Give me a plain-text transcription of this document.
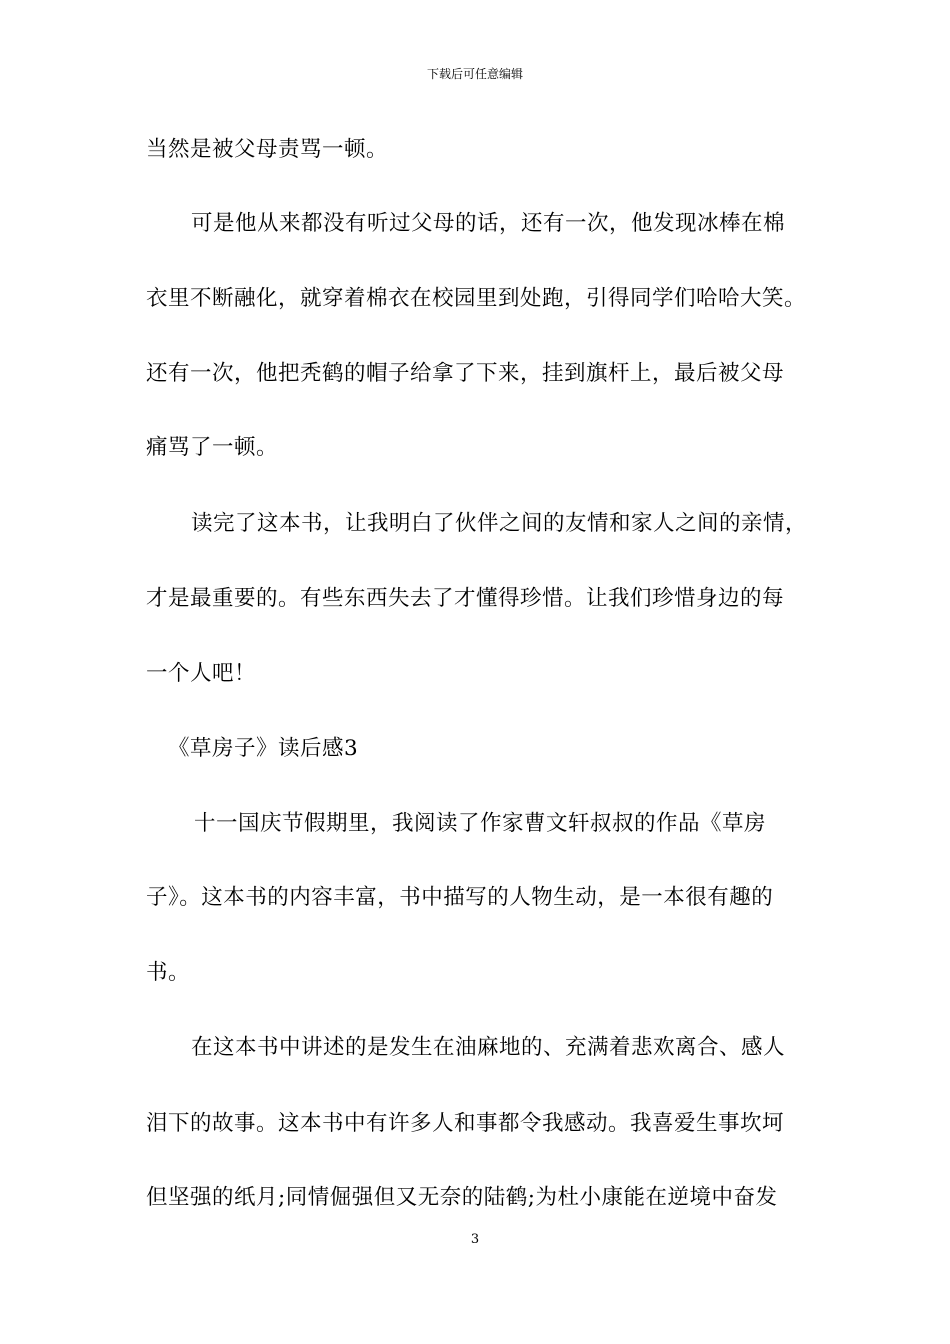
下载后可任意编辑
当然是被父母责骂一顿。
可是他从来都没有听过父母的话，还有一次，他发现冰棒在棉
衣里不断融化，就穿着棉衣在校园里到处跑，引得同学们哈哈大笑。
还有一次，他把秃鹤的帽子给拿了下来，挂到旗杆上，最后被父母
痛骂了一顿。
读完了这本书，让我明白了伙伴之间的友情和家人之间的亲情，
才是最重要的。有些东西失去了才懂得珍惜。让我们珍惜身边的每
一个人吧！
《草房子》读后感3
十一国庆节假期里，我阅读了作家曹文轩叔叔的作品《草房
子》。这本书的内容丰富，书中描写的人物生动，是一本很有趣的
书。
在这本书中讲述的是发生在油麻地的、充满着悲欢离合、感人
泪下的故事。这本书中有许多人和事都令我感动。我喜爱生事坎坷
但坚强的纸月;同情倔强但又无奈的陆鹤;为杜小康能在逆境中奋发
3
